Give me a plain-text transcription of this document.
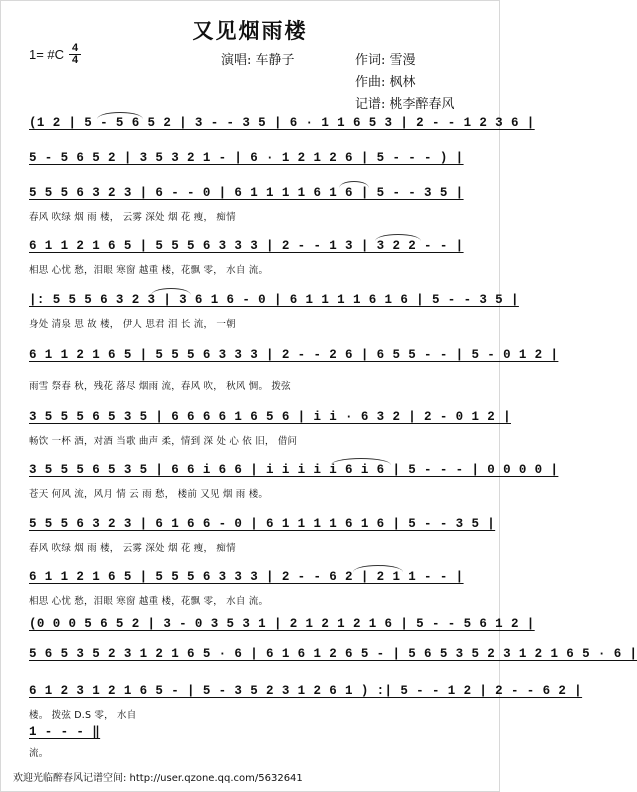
又见烟雨楼
1= #C 4
4	演唱: 车静子	作词: 雪漫
作曲: 枫林
记谱: 桃李醉春风
(1 2 | 5 - 5 6 5 2 | 3 - - 3 5 | 6 · 1 1 6 5 3 | 2 - - 1 2 3 6 |
5 - 5 6 5 2 | 3 5 3 2 1 - | 6 · 1 2 1 2 6 | 5 - - - ) |
5 5 5 6 3 2 3 | 6 - - 0 | 6 1 1 1 1 6 1 6 | 5 - - 3 5 |
春风 吹绿 烟 雨 楼， 云雾 深处 烟 花 瘦， 痴情
6 1 1 2 1 6 5 | 5 5 5 6 3 3 3 | 2 - - 1 3 | 3 2 2 - - |
相思 心忧 愁，泪眼 寒窗 越重 楼，花飘 零， 水自 流。
|: 5 5 5 6 3 2 3 | 3 6 1 6 - 0 | 6 1 1 1 1 6 1 6 | 5 - - 3 5 |
身处 清泉 思 故 楼， 伊人 思君 泪 长 流， 一朝
6 1 1 2 1 6 5 | 5 5 5 6 3 3 3 | 2 - - 2 6 | 6 5 5 - - | 5 - 0 1 2 |
雨雪 祭春 秋，残花 落尽 烟雨 流，春风 吹， 秋风 惆。 拨弦
3 5 5 5 6 5 3 5 | 6 6 6 6 1 6 5 6 | i i · 6 3 2 | 2 - 0 1 2 |
畅饮 一杯 酒，对酒 当歌 曲声 柔，情到 深 处 心 依 旧， 借问
3 5 5 5 6 5 3 5 | 6 6 i 6 6 | i i i i i 6 i 6 | 5 - - - | 0 0 0 0 |
苍天 何风 流，风月 情 云 雨 愁， 楼前 又见 烟 雨 楼。
5 5 5 6 3 2 3 | 6 1 6 6 - 0 | 6 1 1 1 1 6 1 6 | 5 - - 3 5 |
春风 吹绿 烟 雨 楼， 云雾 深处 烟 花 瘦， 痴情
6 1 1 2 1 6 5 | 5 5 5 6 3 3 3 | 2 - - 6 2 | 2 1 1 - - |
相思 心忧 愁，泪眼 寒窗 越重 楼，花飘 零， 水自 流。
(0 0 0 5 6 5 2 | 3 - 0 3 5 3 1 | 2 1 2 1 2 1 6 | 5 - - 5 6 1 2 |
5 6 5 3 5 2 3 1 2 1 6 5 · 6 | 6 1 6 1 2 6 5 - | 5 6 5 3 5 2 3 1 2 1 6 5 · 6 |
6 1 2 3 1 2 1 6 5 - | 5 - 3 5 2 3 1 2 6 1 ) :| 5 - - 1 2 | 2 - - 6 2 |
楼。 拨弦 D.S 零， 水自
1 - - - ‖
流。
欢迎光临醉春风记谱空间: http://user.qzone.qq.com/5632641
